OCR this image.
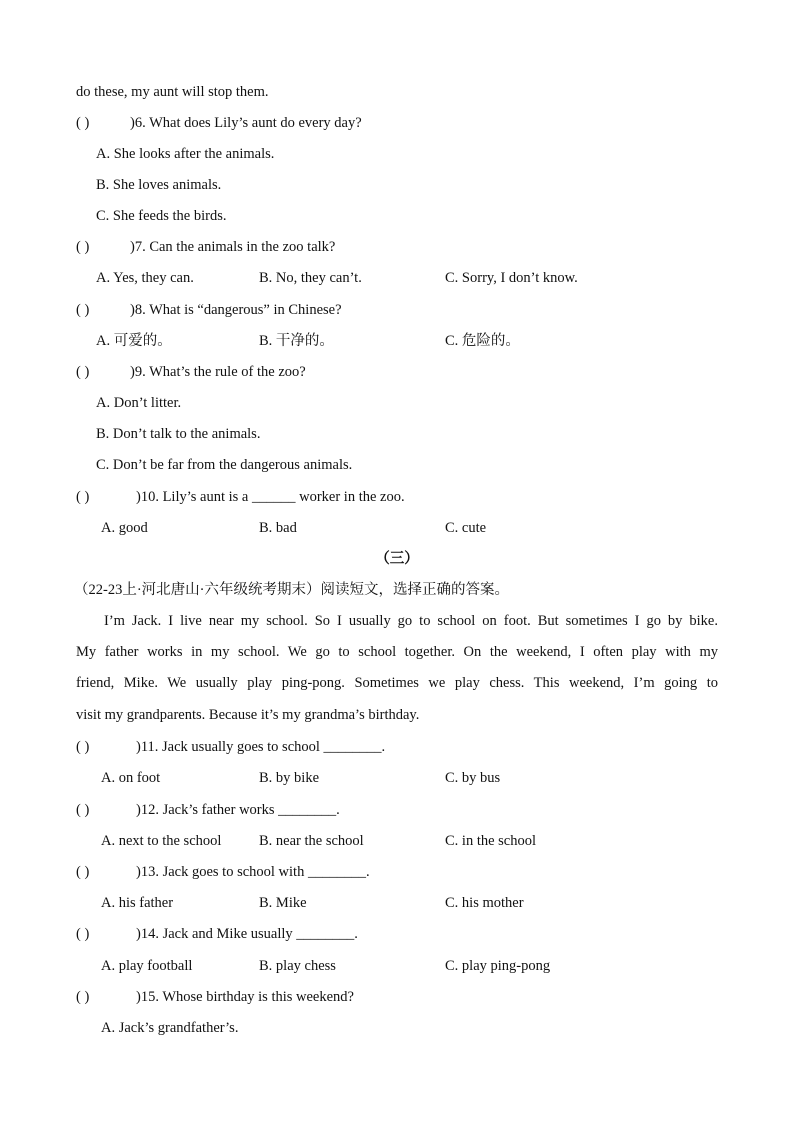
do these, my aunt will stop them.
( )	)6. What does Lily’s aunt do every day?
A. She looks after the animals.
B. She loves animals.
C. She feeds the birds.
( )	)7. Can the animals in the zoo talk?
A. Yes, they can.	B. No, they can’t.	C. Sorry, I don’t know.
( )	)8. What is “dangerous” in Chinese?
A. 可爱的。	B. 干净的。	C. 危险的。
( )	)9. What’s the rule of the zoo?
A. Don’t litter.
B. Don’t talk to the animals.
C. Don’t be far from the dangerous animals.
( )	)10. Lily’s aunt is a ______ worker in the zoo.
A. good	B. bad	C. cute
（三）
（22-23上·河北唐山·六年级统考期末）阅读短文，选择正确的答案。
I’m Jack. I live near my school. So I usually go to school on foot. But sometimes I go by bike.
My father works in my school. We go to school together. On the weekend, I often play with my
friend, Mike. We usually play ping-pong. Sometimes we play chess. This weekend, I’m going to
visit my grandparents. Because it’s my grandma’s birthday.
( )	)11. Jack usually goes to school ________.
A. on foot	B. by bike	C. by bus
( )	)12. Jack’s father works ________.
A. next to the school	B. near the school	C. in the school
( )	)13. Jack goes to school with ________.
A. his father	B. Mike	C. his mother
( )	)14. Jack and Mike usually ________.
A. play football	B. play chess	C. play ping-pong
( )	)15. Whose birthday is this weekend?
A. Jack’s grandfather’s.
